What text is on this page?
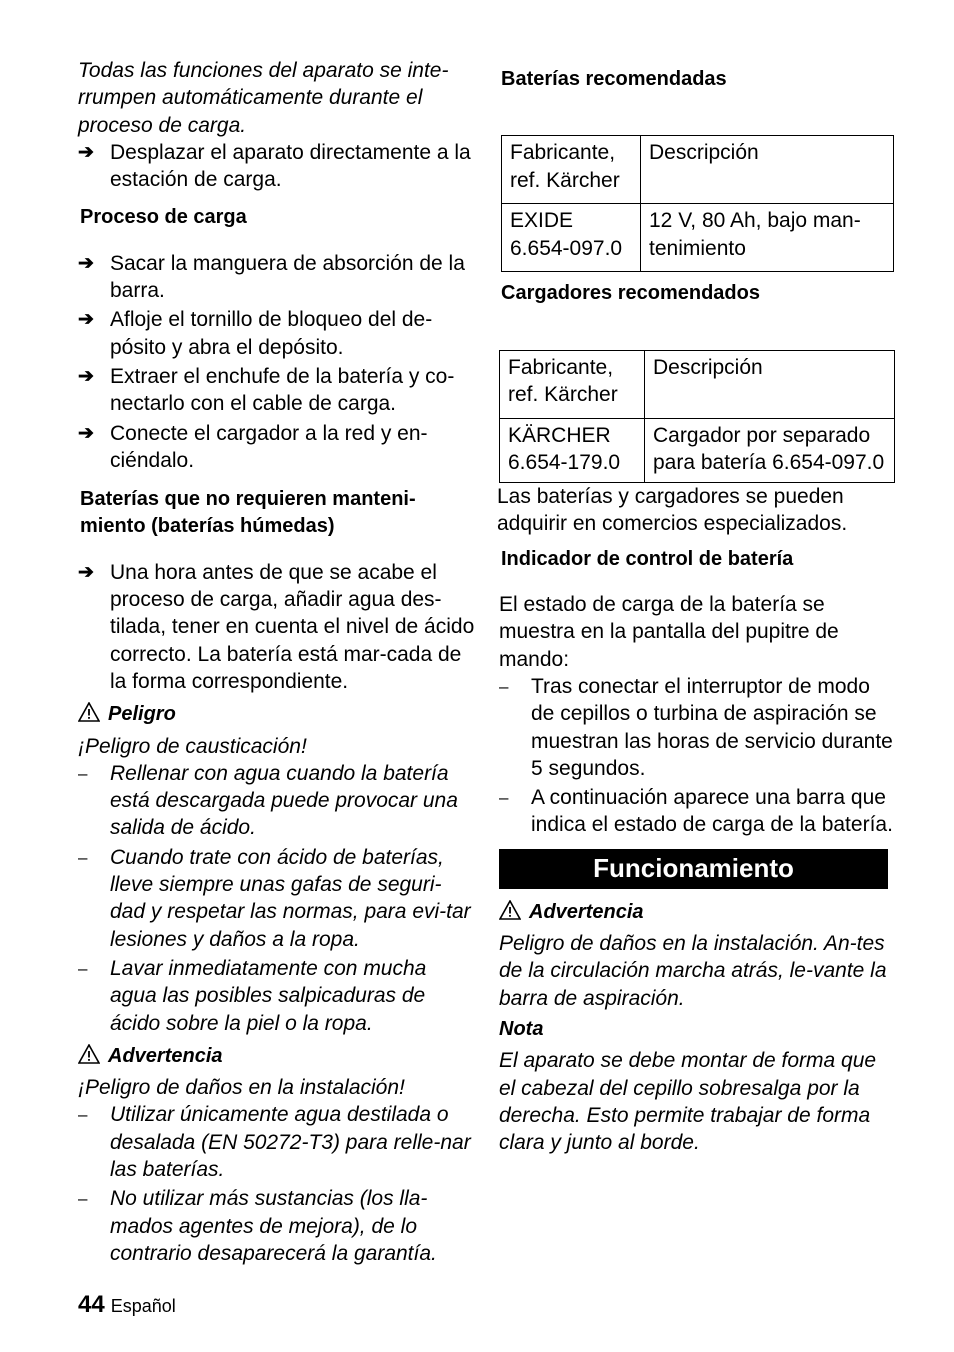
Todas las funciones del aparato se inte-rrumpen automáticamente durante el proceso de carga.

➔ Desplazar el aparato directamente a la estación de carga.

Proceso de carga

➔ Sacar la manguera de absorción de la barra.
➔ Afloje el tornillo de bloqueo del de-pósito y abra el depósito.
➔ Extraer el enchufe de la batería y co-nectarlo con el cable de carga.
➔ Conecte el cargador a la red y en-ciéndalo.

Baterías que no requieren manteni-miento (baterías húmedas)

➔ Una hora antes de que se acabe el proceso de carga, añadir agua des-tilada, tener en cuenta el nivel de ácido correcto. La batería está mar-cada de la forma correspondiente.

Peligro

¡Peligro de causticación!

– Rellenar con agua cuando la batería está descargada puede provocar una salida de ácido.
– Cuando trate con ácido de baterías, lleve siempre unas gafas de seguri-dad y respetar las normas, para evi-tar lesiones y daños a la ropa.
– Lavar inmediatamente con mucha agua las posibles salpicaduras de ácido sobre la piel o la ropa.

Advertencia

¡Peligro de daños en la instalación!

– Utilizar únicamente agua destilada o desalada (EN 50272-T3) para relle-nar las baterías.
– No utilizar más sustancias (los lla-mados agentes de mejora), de lo contrario desaparecerá la garantía.

Baterías recomendadas

Fabricante, ref. Kärcher	Descripción
EXIDE 6.654-097.0	12 V, 80 Ah, bajo man-tenimiento

Cargadores recomendados

Fabricante, ref. Kärcher	Descripción
KÄRCHER 6.654-179.0	Cargador por separado para batería 6.654-097.0

Las baterías y cargadores se pueden adquirir en comercios especializados.

Indicador de control de batería

El estado de carga de la batería se muestra en la pantalla del pupitre de mando:

– Tras conectar el interruptor de modo de cepillos o turbina de aspiración se muestran las horas de servicio durante 5 segundos.
– A continuación aparece una barra que indica el estado de carga de la batería.
Funcionamiento

Advertencia

Peligro de daños en la instalación. An-tes de la circulación marcha atrás, le-vante la barra de aspiración.

Nota

El aparato se debe montar de forma que el cabezal del cepillo sobresalga por la derecha. Esto permite trabajar de forma clara y junto al borde.

44 Español
